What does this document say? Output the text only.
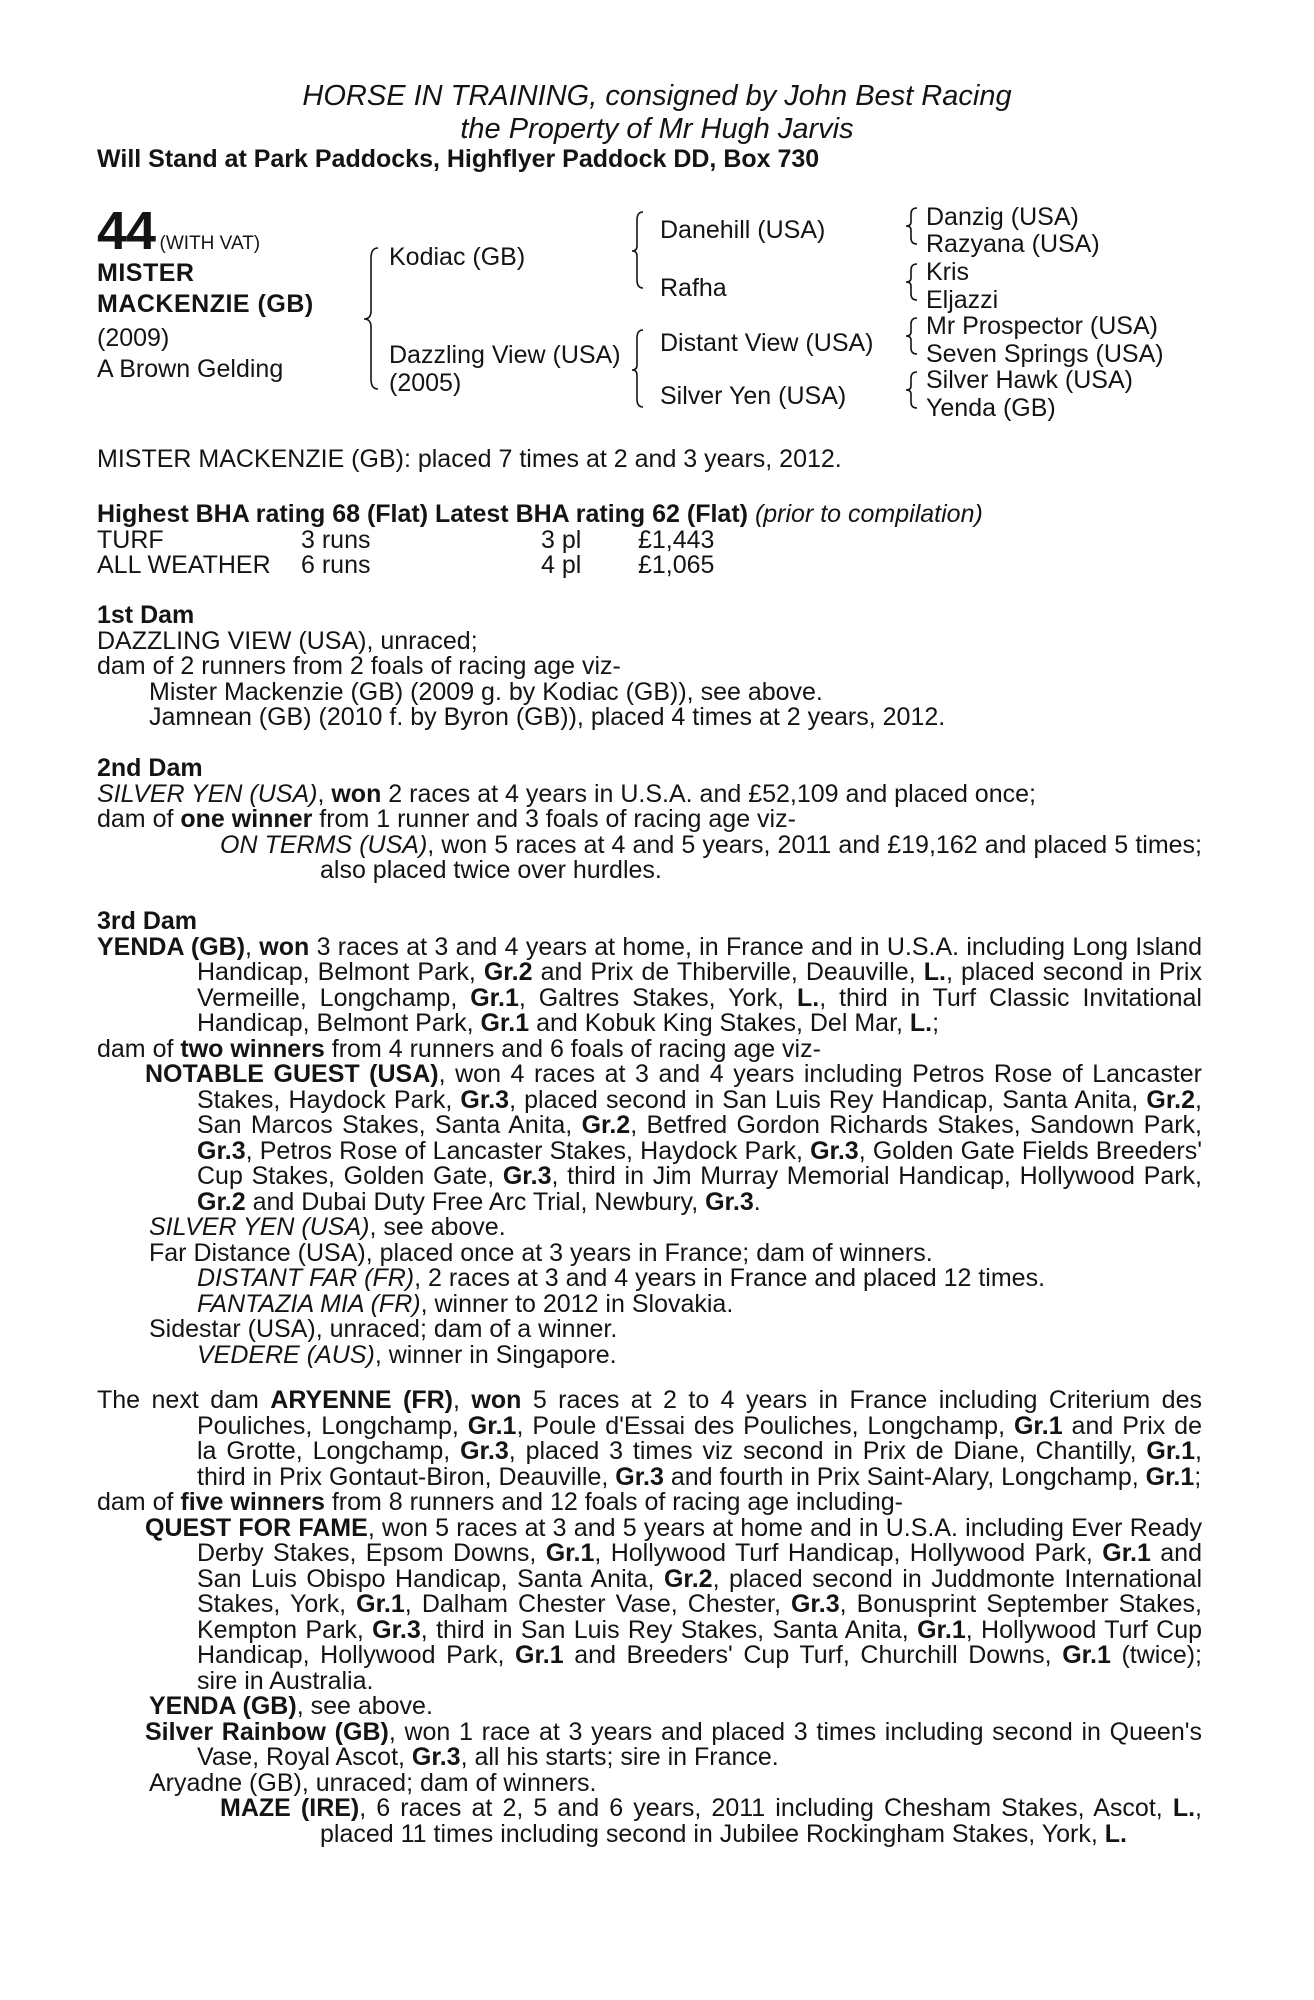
HORSE IN TRAINING, consigned by John Best Racing
the Property of Mr Hugh Jarvis
Will Stand at Park Paddocks, Highflyer Paddock DD, Box 730
44 (WITH VAT)
MISTER
MACKENZIE (GB)
(2009)
A Brown Gelding
Kodiac (GB)
Dazzling View (USA)
(2005)
Danehill (USA)
Rafha
Distant View (USA)
Silver Yen (USA)
Danzig (USA)
Razyana (USA)
Kris
Eljazzi
Mr Prospector (USA)
Seven Springs (USA)
Silver Hawk (USA)
Yenda (GB)
MISTER MACKENZIE (GB): placed 7 times at 2 and 3 years, 2012.
Highest BHA rating 68 (Flat) Latest BHA rating 62 (Flat) (prior to compilation)
TURF	3 runs	3 pl £1,443
ALL WEATHER 6 runs	4 pl £1,065

1st Dam

DAZZLING VIEW (USA), unraced;

dam of 2 runners from 2 foals of racing age viz-

Mister Mackenzie (GB) (2009 g. by Kodiac (GB)), see above.

Jamnean (GB) (2010 f. by Byron (GB)), placed 4 times at 2 years, 2012.

2nd Dam

SILVER YEN (USA), won 2 races at 4 years in U.S.A. and £52,109 and placed once;

dam of one winner from 1 runner and 3 foals of racing age viz-

ON TERMS (USA), won 5 races at 4 and 5 years, 2011 and £19,162 and placed 5 times; also placed twice over hurdles.

3rd Dam

YENDA (GB), won 3 races at 3 and 4 years at home, in France and in U.S.A. including Long Island Handicap, Belmont Park, Gr.2 and Prix de Thiberville, Deauville, L., placed second in Prix Vermeille, Longchamp, Gr.1, Galtres Stakes, York, L., third in Turf Classic Invitational Handicap, Belmont Park, Gr.1 and Kobuk King Stakes, Del Mar, L.;

dam of two winners from 4 runners and 6 foals of racing age viz-

NOTABLE GUEST (USA), won 4 races at 3 and 4 years including Petros Rose of Lancaster Stakes, Haydock Park, Gr.3, placed second in San Luis Rey Handicap, Santa Anita, Gr.2, San Marcos Stakes, Santa Anita, Gr.2, Betfred Gordon Richards Stakes, Sandown Park, Gr.3, Petros Rose of Lancaster Stakes, Haydock Park, Gr.3, Golden Gate Fields Breeders' Cup Stakes, Golden Gate, Gr.3, third in Jim Murray Memorial Handicap, Hollywood Park, Gr.2 and Dubai Duty Free Arc Trial, Newbury, Gr.3.

SILVER YEN (USA), see above.

Far Distance (USA), placed once at 3 years in France; dam of winners.

DISTANT FAR (FR), 2 races at 3 and 4 years in France and placed 12 times.

FANTAZIA MIA (FR), winner to 2012 in Slovakia.

Sidestar (USA), unraced; dam of a winner.

VEDERE (AUS), winner in Singapore.

The next dam ARYENNE (FR), won 5 races at 2 to 4 years in France including Criterium des Pouliches, Longchamp, Gr.1, Poule d'Essai des Pouliches, Longchamp, Gr.1 and Prix de la Grotte, Longchamp, Gr.3, placed 3 times viz second in Prix de Diane, Chantilly, Gr.1, third in Prix Gontaut-Biron, Deauville, Gr.3 and fourth in Prix Saint-Alary, Longchamp, Gr.1;

dam of five winners from 8 runners and 12 foals of racing age including-

QUEST FOR FAME, won 5 races at 3 and 5 years at home and in U.S.A. including Ever Ready Derby Stakes, Epsom Downs, Gr.1, Hollywood Turf Handicap, Hollywood Park, Gr.1 and San Luis Obispo Handicap, Santa Anita, Gr.2, placed second in Juddmonte International Stakes, York, Gr.1, Dalham Chester Vase, Chester, Gr.3, Bonusprint September Stakes, Kempton Park, Gr.3, third in San Luis Rey Stakes, Santa Anita, Gr.1, Hollywood Turf Cup Handicap, Hollywood Park, Gr.1 and Breeders' Cup Turf, Churchill Downs, Gr.1 (twice); sire in Australia.

YENDA (GB), see above.

Silver Rainbow (GB), won 1 race at 3 years and placed 3 times including second in Queen's Vase, Royal Ascot, Gr.3, all his starts; sire in France.

Aryadne (GB), unraced; dam of winners.

MAZE (IRE), 6 races at 2, 5 and 6 years, 2011 including Chesham Stakes, Ascot, L., placed 11 times including second in Jubilee Rockingham Stakes, York, L.
